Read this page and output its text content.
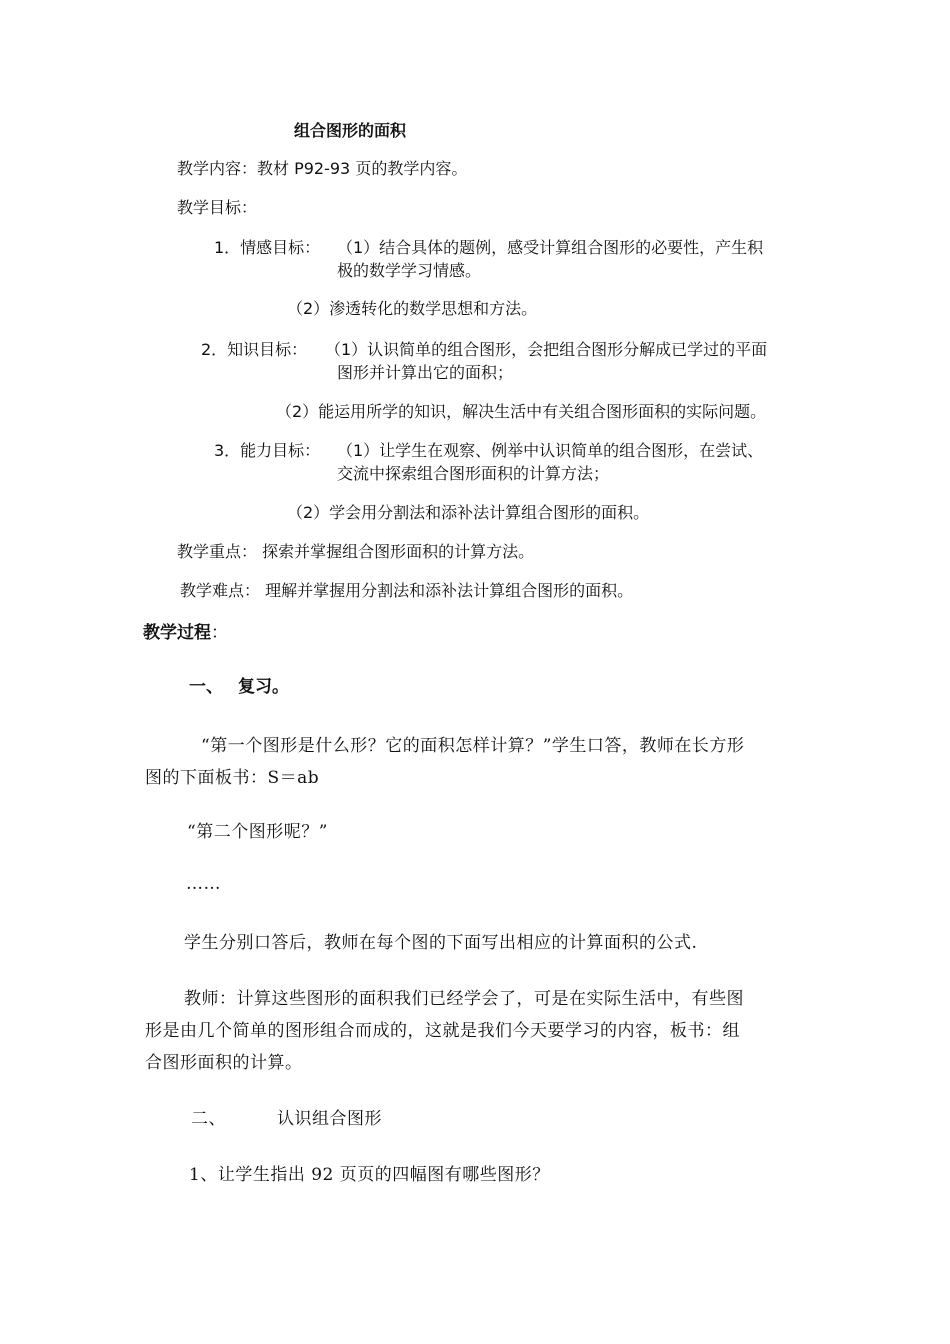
组合图形的面积
教学内容：教材 P92-93 页的教学内容。
教学目标：
1．情感目标： （1）结合具体的题例，感受计算组合图形的必要性，产生积
极的数学学习情感。
（2）渗透转化的数学思想和方法。
2．知识目标： （1）认识简单的组合图形，会把组合图形分解成已学过的平面
图形并计算出它的面积；
（2）能运用所学的知识，解决生活中有关组合图形面积的实际问题。
3．能力目标： （1）让学生在观察、例举中认识简单的组合图形，在尝试、
交流中探索组合图形面积的计算方法；
（2）学会用分割法和添补法计算组合图形的面积。
教学重点： 探索并掌握组合图形面积的计算方法。
教学难点： 理解并掌握用分割法和添补法计算组合图形的面积。
教学过程：
一、 复习。
“第一个图形是什么形？它的面积怎样计算？”学生口答，教师在长方形
图的下面板书：S＝ab
“第二个图形呢？”
……
学生分别口答后，教师在每个图的下面写出相应的计算面积的公式.
教师：计算这些图形的面积我们已经学会了，可是在实际生活中，有些图
形是由几个简单的图形组合而成的，这就是我们今天要学习的内容，板书：组
合图形面积的计算。
二、	认识组合图形
1、让学生指出 92 页页的四幅图有哪些图形？
